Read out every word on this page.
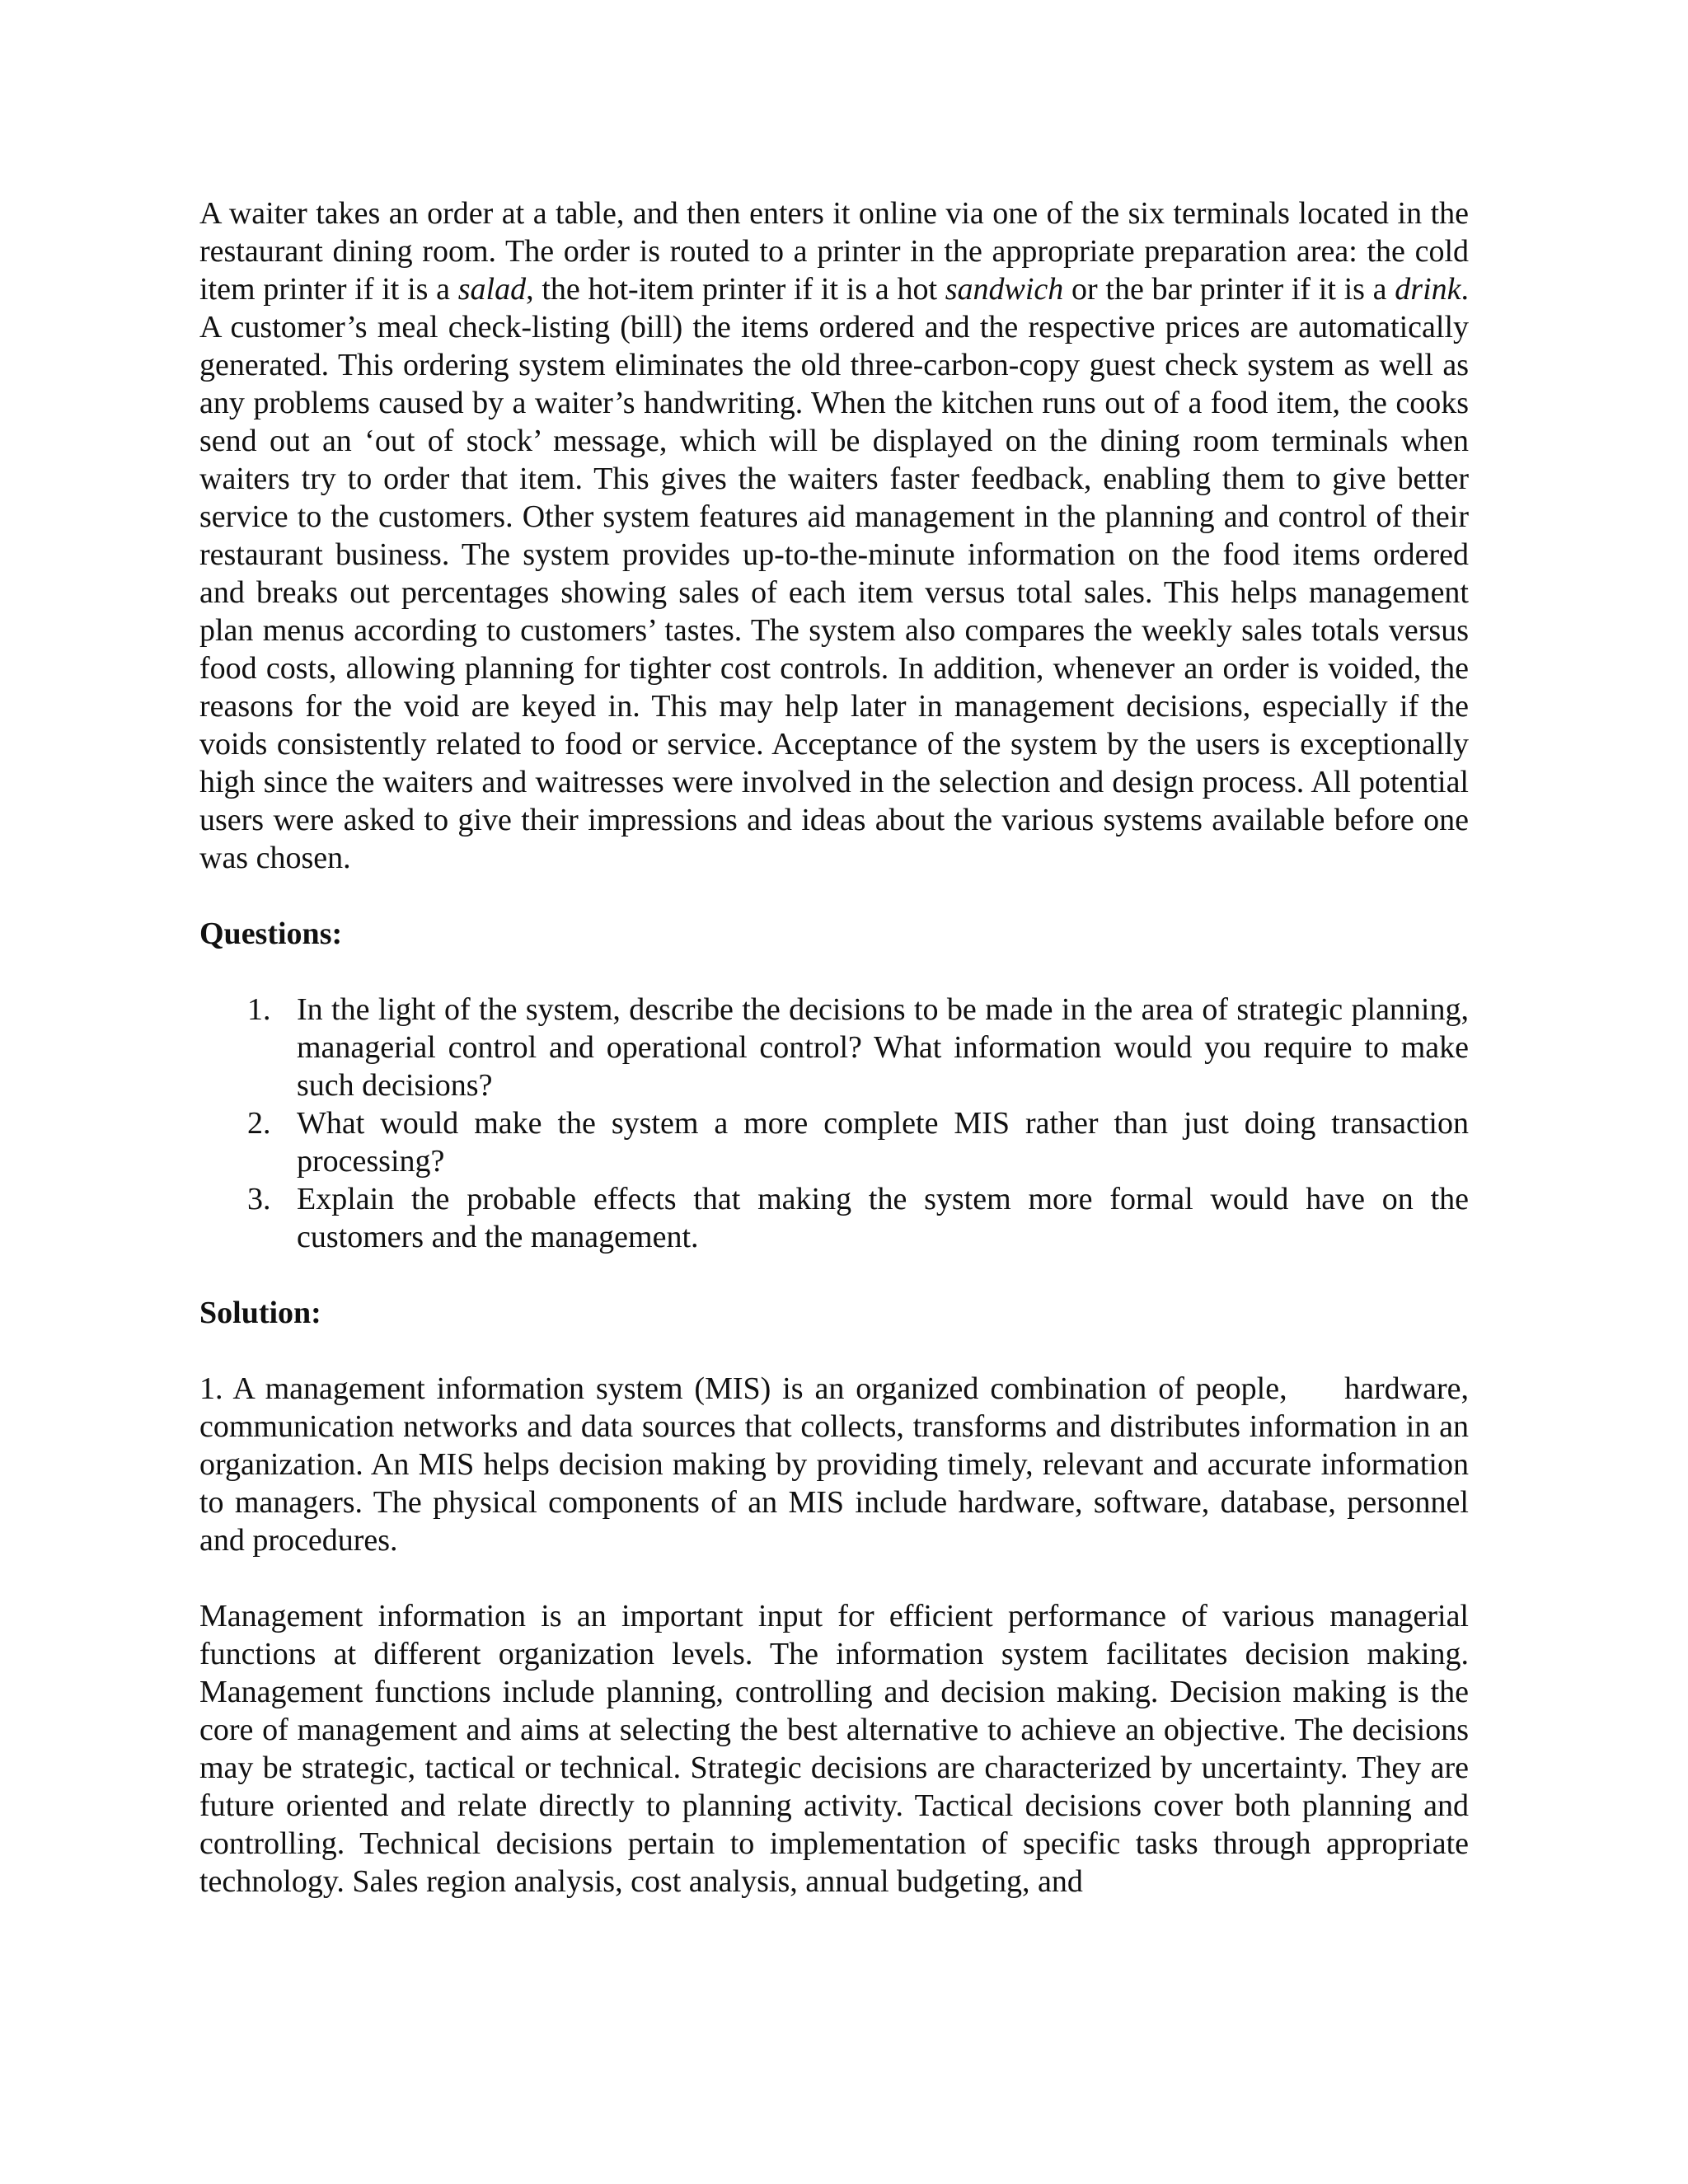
A waiter takes an order at a table, and then enters it online via one of the six terminals located in the restaurant dining room. The order is routed to a printer in the appropriate preparation area: the cold item printer if it is a salad, the hot-item printer if it is a hot sandwich or the bar printer if it is a drink. A customer’s meal check-listing (bill) the items ordered and the respective prices are automatically generated. This ordering system eliminates the old three-carbon-copy guest check system as well as any problems caused by a waiter’s handwriting. When the kitchen runs out of a food item, the cooks send out an ‘out of stock’ message, which will be displayed on the dining room terminals when waiters try to order that item. This gives the waiters faster feedback, enabling them to give better service to the customers. Other system features aid management in the planning and control of their restaurant business. The system provides up-to-the-minute information on the food items ordered and breaks out percentages showing sales of each item versus total sales. This helps management plan menus according to customers’ tastes. The system also compares the weekly sales totals versus food costs, allowing planning for tighter cost controls. In addition, whenever an order is voided, the reasons for the void are keyed in. This may help later in management decisions, especially if the voids consistently related to food or service. Acceptance of the system by the users is exceptionally high since the waiters and waitresses were involved in the selection and design process. All potential users were asked to give their impressions and ideas about the various systems available before one was chosen.

Questions:
1. In the light of the system, describe the decisions to be made in the area of strategic planning, managerial control and operational control? What information would you require to make such decisions?
2. What would make the system a more complete MIS rather than just doing transaction processing?
3. Explain the probable effects that making the system more formal would have on the customers and the management.
Solution:

1. A management information system (MIS) is an organized combination of people,     hardware, communication networks and data sources that collects, transforms and distributes information in an organization. An MIS helps decision making by providing timely, relevant and accurate information to managers. The physical components of an MIS include hardware, software, database, personnel and procedures.

Management information is an important input for efficient performance of various managerial functions at different organization levels. The information system facilitates decision making. Management functions include planning, controlling and decision making. Decision making is the core of management and aims at selecting the best alternative to achieve an objective. The decisions may be strategic, tactical or technical. Strategic decisions are characterized by uncertainty. They are future oriented and relate directly to planning activity. Tactical decisions cover both planning and controlling. Technical decisions pertain to implementation of specific tasks through appropriate technology. Sales region analysis, cost analysis, annual budgeting, and
